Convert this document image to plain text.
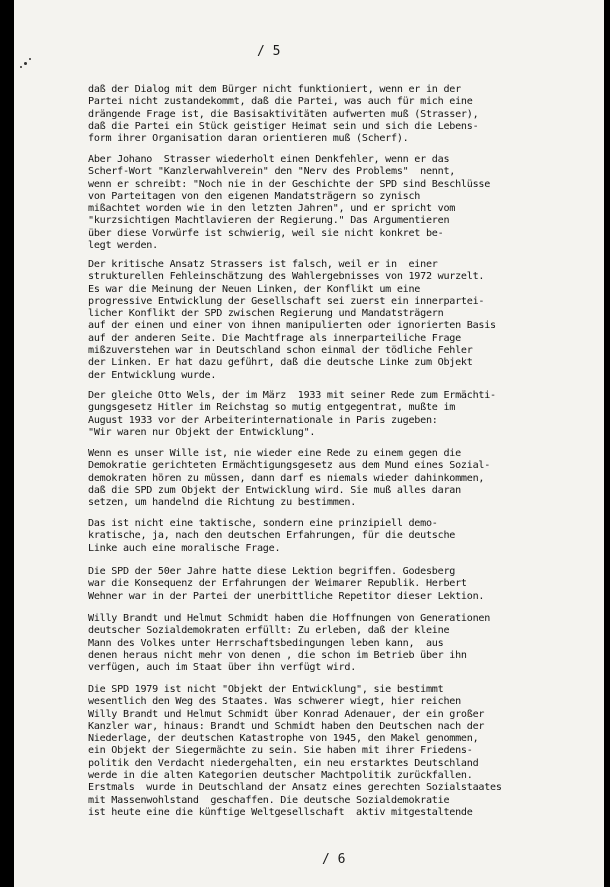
/ 5
daß der Dialog mit dem Bürger nicht funktioniert, wenn er in der
Partei nicht zustandekommt, daß die Partei, was auch für mich eine
drängende Frage ist, die Basisaktivitäten aufwerten muß (Strasser),
daß die Partei ein Stück geistiger Heimat sein und sich die Lebens-
form ihrer Organisation daran orientieren muß (Scherf).
Aber Johano  Strasser wiederholt einen Denkfehler, wenn er das
Scherf-Wort "Kanzlerwahlverein" den "Nerv des Problems"  nennt,
wenn er schreibt: "Noch nie in der Geschichte der SPD sind Beschlüsse
von Parteitagen von den eigenen Mandatsträgern so zynisch
mißachtet worden wie in den letzten Jahren", und er spricht vom
"kurzsichtigen Machtlavieren der Regierung." Das Argumentieren
über diese Vorwürfe ist schwierig, weil sie nicht konkret be-
legt werden.
Der kritische Ansatz Strassers ist falsch, weil er in  einer
strukturellen Fehleinschätzung des Wahlergebnisses von 1972 wurzelt.
Es war die Meinung der Neuen Linken, der Konflikt um eine
progressive Entwicklung der Gesellschaft sei zuerst ein innerpartei-
licher Konflikt der SPD zwischen Regierung und Mandatsträgern
auf der einen und einer von ihnen manipulierten oder ignorierten Basis
auf der anderen Seite. Die Machtfrage als innerparteiliche Frage
mißzuverstehen war in Deutschland schon einmal der tödliche Fehler
der Linken. Er hat dazu geführt, daß die deutsche Linke zum Objekt
der Entwicklung wurde.
Der gleiche Otto Wels, der im März  1933 mit seiner Rede zum Ermächti-
gungsgesetz Hitler im Reichstag so mutig entgegentrat, mußte im
August 1933 vor der Arbeiterinternationale in Paris zugeben:
"Wir waren nur Objekt der Entwicklung".
Wenn es unser Wille ist, nie wieder eine Rede zu einem gegen die
Demokratie gerichteten Ermächtigungsgesetz aus dem Mund eines Sozial-
demokraten hören zu müssen, dann darf es niemals wieder dahinkommen,
daß die SPD zum Objekt der Entwicklung wird. Sie muß alles daran
setzen, um handelnd die Richtung zu bestimmen.
Das ist nicht eine taktische, sondern eine prinzipiell demo-
kratische, ja, nach den deutschen Erfahrungen, für die deutsche
Linke auch eine moralische Frage.
Die SPD der 50er Jahre hatte diese Lektion begriffen. Godesberg
war die Konsequenz der Erfahrungen der Weimarer Republik. Herbert
Wehner war in der Partei der unerbittliche Repetitor dieser Lektion.
Willy Brandt und Helmut Schmidt haben die Hoffnungen von Generationen
deutscher Sozialdemokraten erfüllt: Zu erleben, daß der kleine
Mann des Volkes unter Herrschaftsbedingungen leben kann,  aus
denen heraus nicht mehr von denen , die schon im Betrieb über ihn
verfügen, auch im Staat über ihn verfügt wird.
Die SPD 1979 ist nicht "Objekt der Entwicklung", sie bestimmt
wesentlich den Weg des Staates. Was schwerer wiegt, hier reichen
Willy Brandt und Helmut Schmidt über Konrad Adenauer, der ein großer
Kanzler war, hinaus: Brandt und Schmidt haben den Deutschen nach der
Niederlage, der deutschen Katastrophe von 1945, den Makel genommen,
ein Objekt der Siegermächte zu sein. Sie haben mit ihrer Friedens-
politik den Verdacht niedergehalten, ein neu erstarktes Deutschland
werde in die alten Kategorien deutscher Machtpolitik zurückfallen.
Erstmals  wurde in Deutschland der Ansatz eines gerechten Sozialstaates
mit Massenwohlstand  geschaffen. Die deutsche Sozialdemokratie
ist heute eine die künftige Weltgesellschaft  aktiv mitgestaltende
/ 6
